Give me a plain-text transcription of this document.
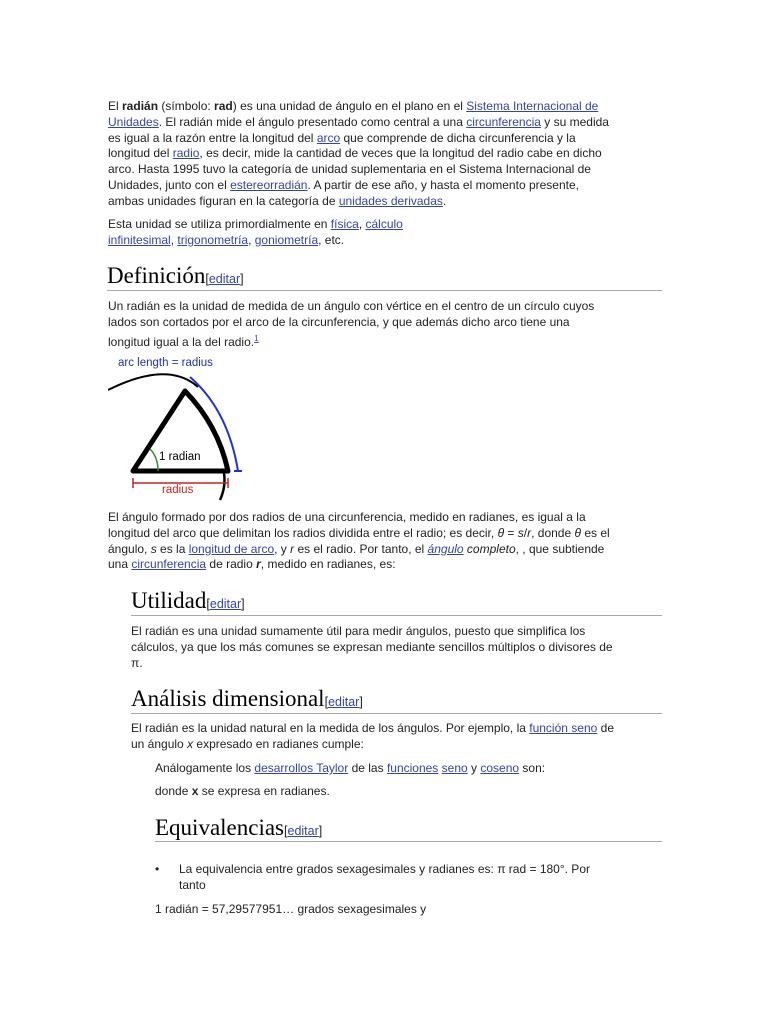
El radián (símbolo: rad) es una unidad de ángulo en el plano en el Sistema Internacional de
Unidades. El radián mide el ángulo presentado como central a una circunferencia y su medida
es igual a la razón entre la longitud del arco que comprende de dicha circunferencia y la
longitud del radio, es decir, mide la cantidad de veces que la longitud del radio cabe en dicho
arco. Hasta 1995 tuvo la categoría de unidad suplementaria en el Sistema Internacional de
Unidades, junto con el estereorradián. A partir de ese año, y hasta el momento presente,
ambas unidades figuran en la categoría de unidades derivadas.
Esta unidad se utiliza primordialmente en física, cálculo
infinitesimal, trigonometría, goniometría, etc.
Definición[editar]
Un radián es la unidad de medida de un ángulo con vértice en el centro de un círculo cuyos
lados son cortados por el arco de la circunferencia, y que además dicho arco tiene una
longitud igual a la del radio.$^1$
arc length = radius
1 radian
radius
El ángulo formado por dos radios de una circunferencia, medido en radianes, es igual a la
longitud del arco que delimitan los radios dividida entre el radio; es decir, θ = s/r, donde θ es el
ángulo, s es la longitud de arco, y r es el radio. Por tanto, el ángulo completo, , que subtiende
una circunferencia de radio r, medido en radianes, es:
Utilidad[editar]
El radián es una unidad sumamente útil para medir ángulos, puesto que simplifica los
cálculos, ya que los más comunes se expresan mediante sencillos múltiplos o divisores de
π.
Análisis dimensional[editar]
El radián es la unidad natural en la medida de los ángulos. Por ejemplo, la función seno de
un ángulo x expresado en radianes cumple:
Análogamente los desarrollos Taylor de las funciones seno y coseno son:
donde x se expresa en radianes.
Equivalencias[editar]
• La equivalencia entre grados sexagesimales y radianes es: π rad = 180°. Por
tanto
1 radián = 57,29577951… grados sexagesimales y
